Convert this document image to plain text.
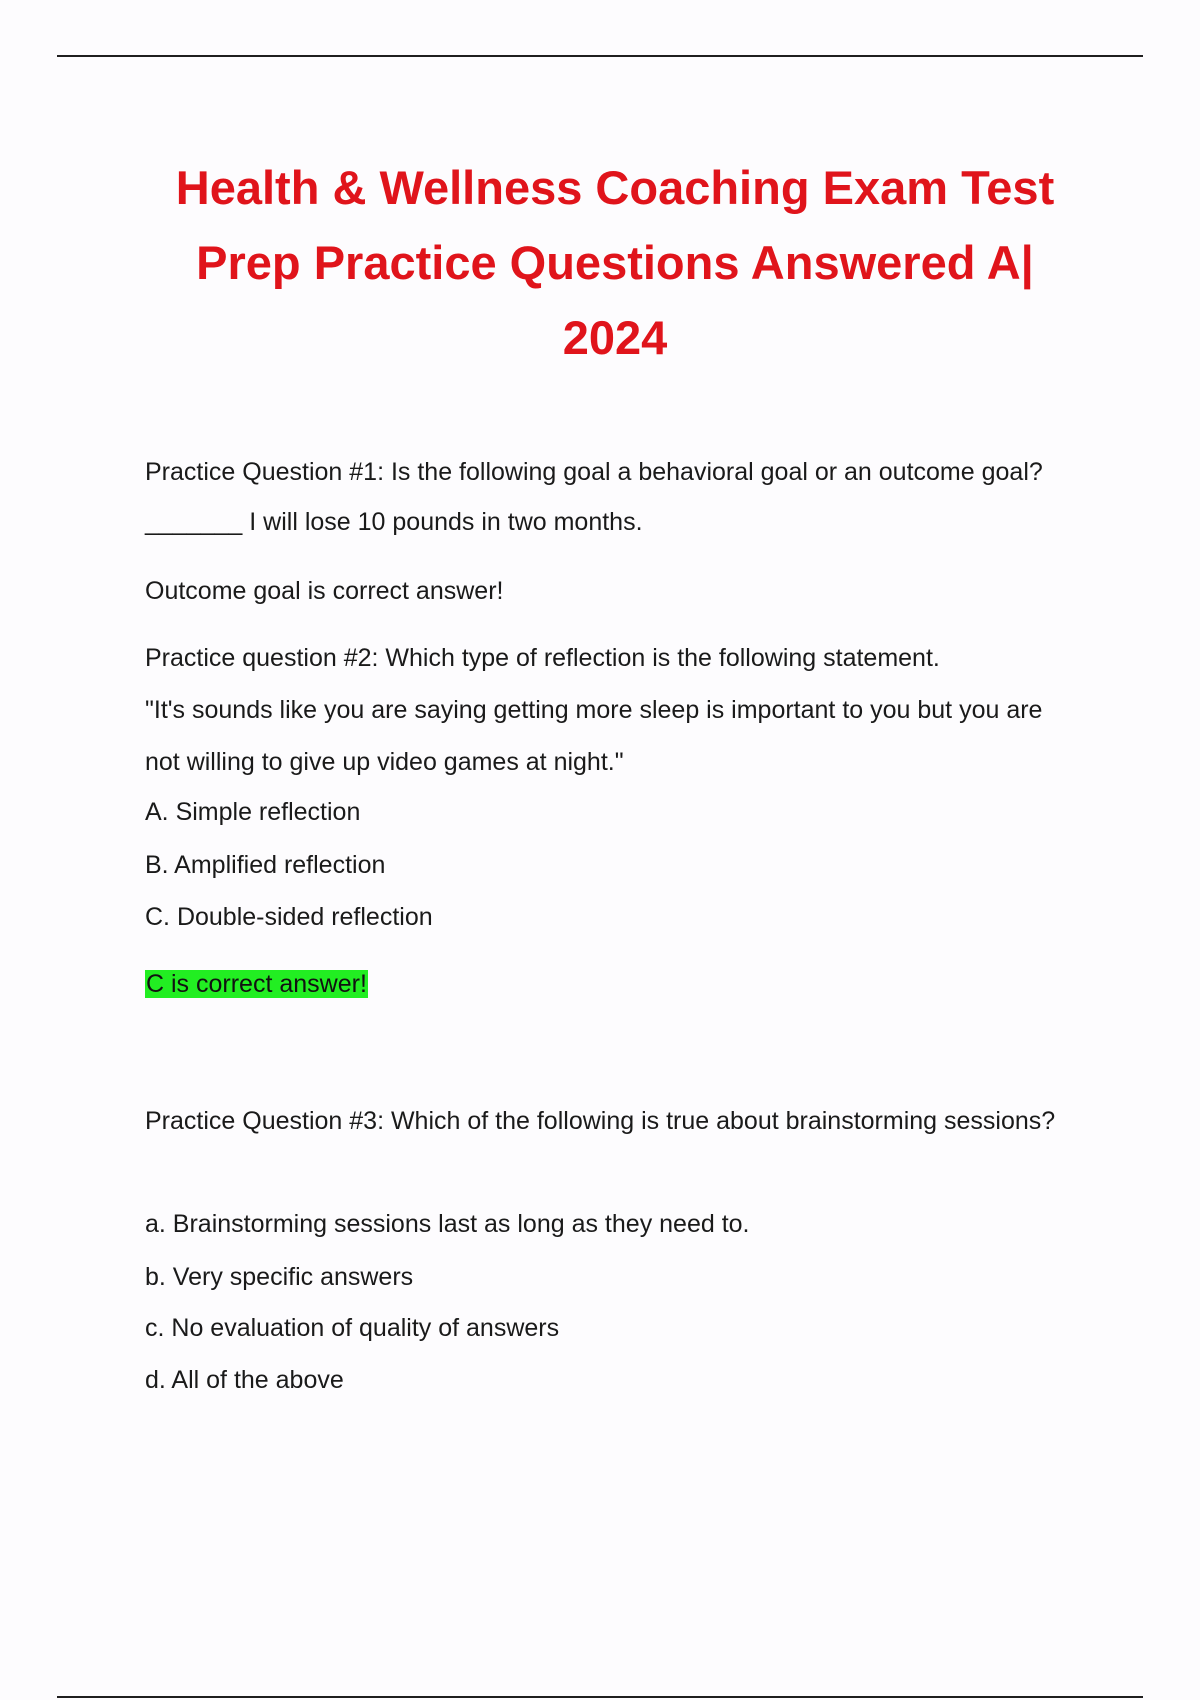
Health & Wellness Coaching Exam Test
Prep Practice Questions Answered A|
2024
Practice Question #1: Is the following goal a behavioral goal or an outcome goal?
_______ I will lose 10 pounds in two months.
Outcome goal is correct answer!
Practice question #2: Which type of reflection is the following statement.
"It's sounds like you are saying getting more sleep is important to you but you are
not willing to give up video games at night."
A. Simple reflection
B. Amplified reflection
C. Double-sided reflection
C is correct answer!
Practice Question #3: Which of the following is true about brainstorming sessions?
a. Brainstorming sessions last as long as they need to.
b. Very specific answers
c. No evaluation of quality of answers
d. All of the above
